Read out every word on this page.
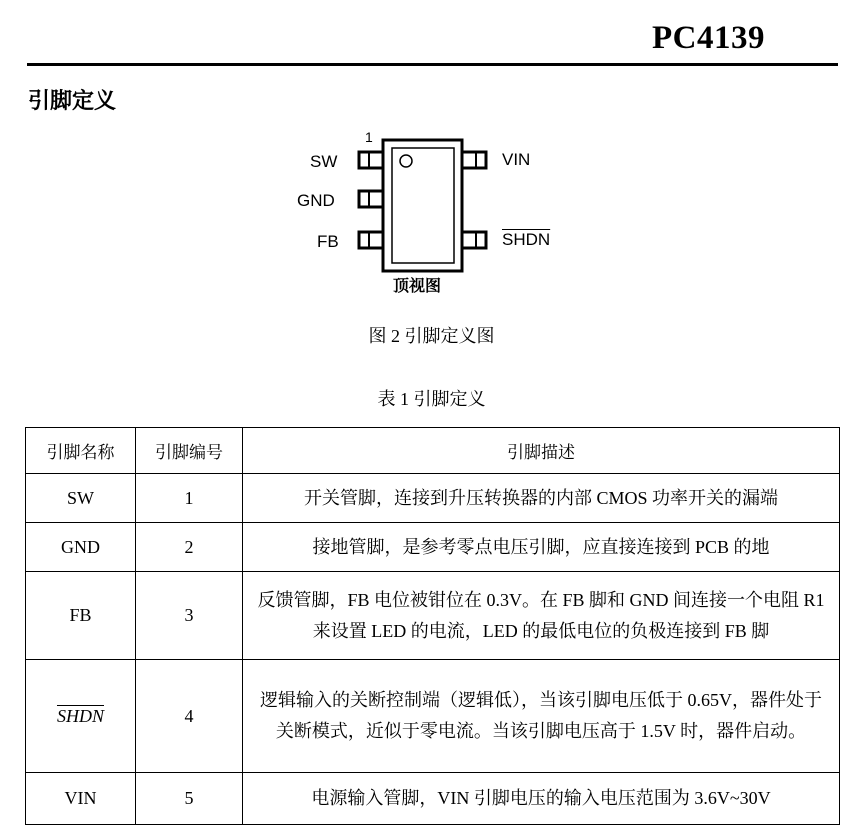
PC4139
引脚定义
1
SW
GND
FB
VIN
SHDN
顶视图
图 2 引脚定义图
表 1 引脚定义
引脚名称	引脚编号	引脚描述
SW	1	开关管脚，连接到升压转换器的内部 CMOS 功率开关的漏端
GND	2	接地管脚，是参考零点电压引脚，应直接连接到 PCB 的地
FB	3	反馈管脚，FB 电位被钳位在 0.3V。在 FB 脚和 GND 间连接一个电阻 R1 来设置 LED 的电流，LED 的最低电位的负极连接到 FB 脚
SHDN	4	逻辑输入的关断控制端（逻辑低），当该引脚电压低于 0.65V，器件处于关断模式，近似于零电流。当该引脚电压高于 1.5V 时，器件启动。
VIN	5	电源输入管脚，VIN 引脚电压的输入电压范围为 3.6V~30V
